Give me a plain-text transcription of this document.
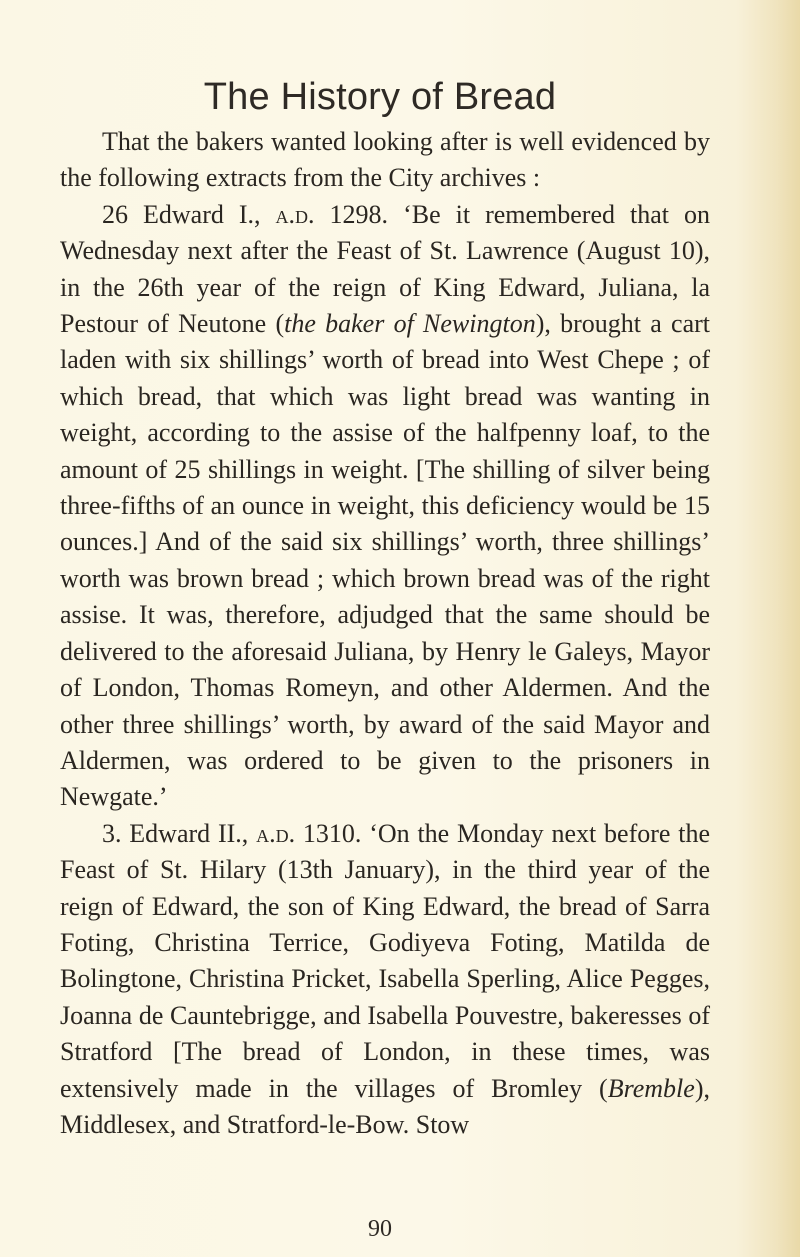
The History of Bread

That the bakers wanted looking after is well evidenced by the following extracts from the City archives :

26 Edward I., a.d. 1298. ‘Be it remembered that on Wednesday next after the Feast of St. Lawrence (August 10), in the 26th year of the reign of King Edward, Juliana, la Pestour of Neutone (the baker of Newington), brought a cart laden with six shillings’ worth of bread into West Chepe ; of which bread, that which was light bread was wanting in weight, according to the assise of the halfpenny loaf, to the amount of 25 shillings in weight. [The shilling of silver being three-fifths of an ounce in weight, this deficiency would be 15 ounces.] And of the said six shillings’ worth, three shillings’ worth was brown bread ; which brown bread was of the right assise. It was, therefore, adjudged that the same should be delivered to the aforesaid Juliana, by Henry le Galeys, Mayor of London, Thomas Romeyn, and other Aldermen. And the other three shillings’ worth, by award of the said Mayor and Aldermen, was ordered to be given to the prisoners in Newgate.’

3. Edward II., a.d. 1310. ‘On the Monday next before the Feast of St. Hilary (13th January), in the third year of the reign of Edward, the son of King Edward, the bread of Sarra Foting, Christina Terrice, Godiyeva Foting, Matilda de Bolingtone, Christina Pricket, Isabella Sperling, Alice Pegges, Joanna de Cauntebrigge, and Isabella Pouvestre, bakeresses of Stratford [The bread of London, in these times, was extensively made in the villages of Bromley (Bremble), Middlesex, and Stratford-le-Bow. Stow

90
